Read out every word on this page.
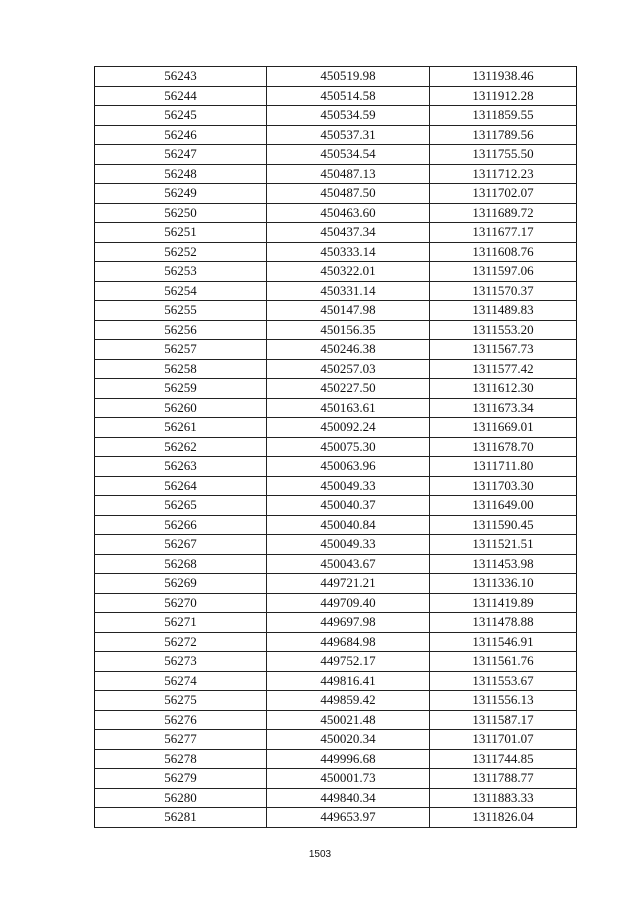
56243	450519.98	1311938.46
56244	450514.58	1311912.28
56245	450534.59	1311859.55
56246	450537.31	1311789.56
56247	450534.54	1311755.50
56248	450487.13	1311712.23
56249	450487.50	1311702.07
56250	450463.60	1311689.72
56251	450437.34	1311677.17
56252	450333.14	1311608.76
56253	450322.01	1311597.06
56254	450331.14	1311570.37
56255	450147.98	1311489.83
56256	450156.35	1311553.20
56257	450246.38	1311567.73
56258	450257.03	1311577.42
56259	450227.50	1311612.30
56260	450163.61	1311673.34
56261	450092.24	1311669.01
56262	450075.30	1311678.70
56263	450063.96	1311711.80
56264	450049.33	1311703.30
56265	450040.37	1311649.00
56266	450040.84	1311590.45
56267	450049.33	1311521.51
56268	450043.67	1311453.98
56269	449721.21	1311336.10
56270	449709.40	1311419.89
56271	449697.98	1311478.88
56272	449684.98	1311546.91
56273	449752.17	1311561.76
56274	449816.41	1311553.67
56275	449859.42	1311556.13
56276	450021.48	1311587.17
56277	450020.34	1311701.07
56278	449996.68	1311744.85
56279	450001.73	1311788.77
56280	449840.34	1311883.33
56281	449653.97	1311826.04
1503
